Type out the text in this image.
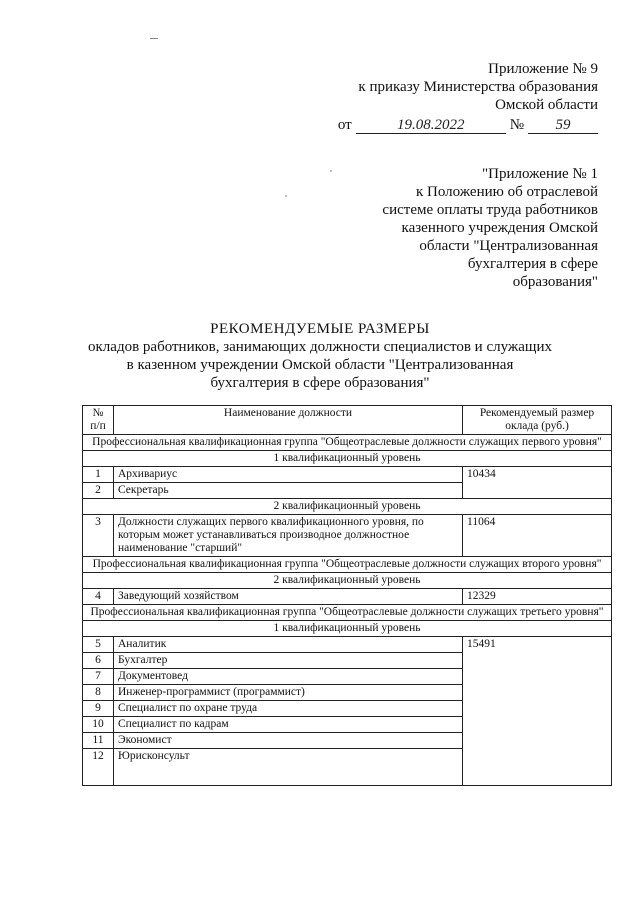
Приложение № 9
к приказу Министерства образования
Омской области
от	19.08.2022	№	59
"Приложение № 1
к Положению об отраслевой
системе оплаты труда работников
казенного учреждения Омской
области "Централизованная
бухгалтерия в сфере
образования"
РЕКОМЕНДУЕМЫЕ РАЗМЕРЫ
окладов работников, занимающих должности специалистов и служащих
в казенном учреждении Омской области "Централизованная
бухгалтерия в сфере образования"
№ п/п	Наименование должности	Рекомендуемый размер оклада (руб.)
Профессиональная квалификационная группа "Общеотраслевые должности служащих первого уровня"		
1 квалификационный уровень		
1	Архивариус	10434
2	Секретарь	
2 квалификационный уровень		
3	Должности служащих первого квалификационного уровня, по которым может устанавливаться производное должностное наименование "старший"	11064
Профессиональная квалификационная группа "Общеотраслевые должности служащих второго уровня"		
2 квалификационный уровень		
4	Заведующий хозяйством	12329
Профессиональная квалификационная группа "Общеотраслевые должности служащих третьего уровня"		
1 квалификационный уровень		
5	Аналитик	15491
6	Бухгалтер	
7	Документовед	
8	Инженер-программист (программист)	
9	Специалист по охране труда	
10	Специалист по кадрам	
11	Экономист	
12	Юрисконсульт	
